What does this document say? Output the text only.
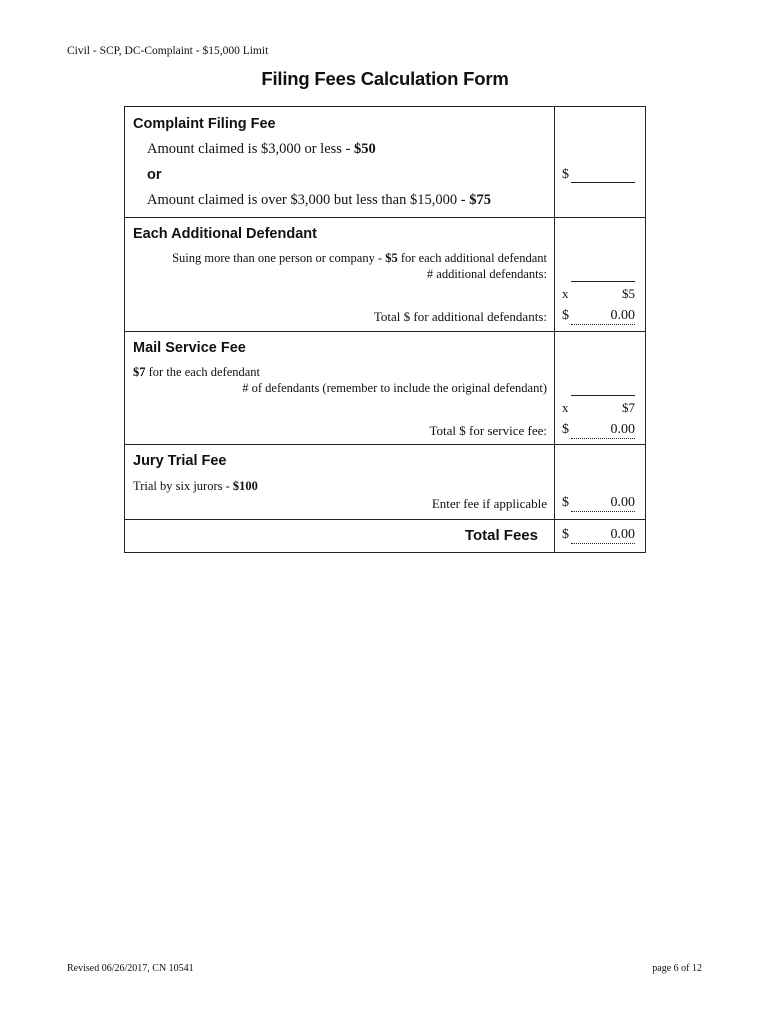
Civil - SCP, DC-Complaint - $15,000 Limit
Filing Fees Calculation Form
Complaint Filing Fee
Amount claimed is $3,000 or less - $50
or
Amount claimed is over $3,000 but less than $15,000 - $75
$
Each Additional Defendant
Suing more than one person or company - $5 for each additional defendant
# additional defendants:
x	$5
Total $ for additional defendants: $	0.00
Mail Service Fee
$7 for the each defendant
# of defendants (remember to include the original defendant)
x	$7
Total $ for service fee: $	0.00
Jury Trial Fee
Trial by six jurors - $100
Enter fee if applicable $	0.00
Total Fees $	0.00
Revised 06/26/2017, CN 10541	page 6 of 12
